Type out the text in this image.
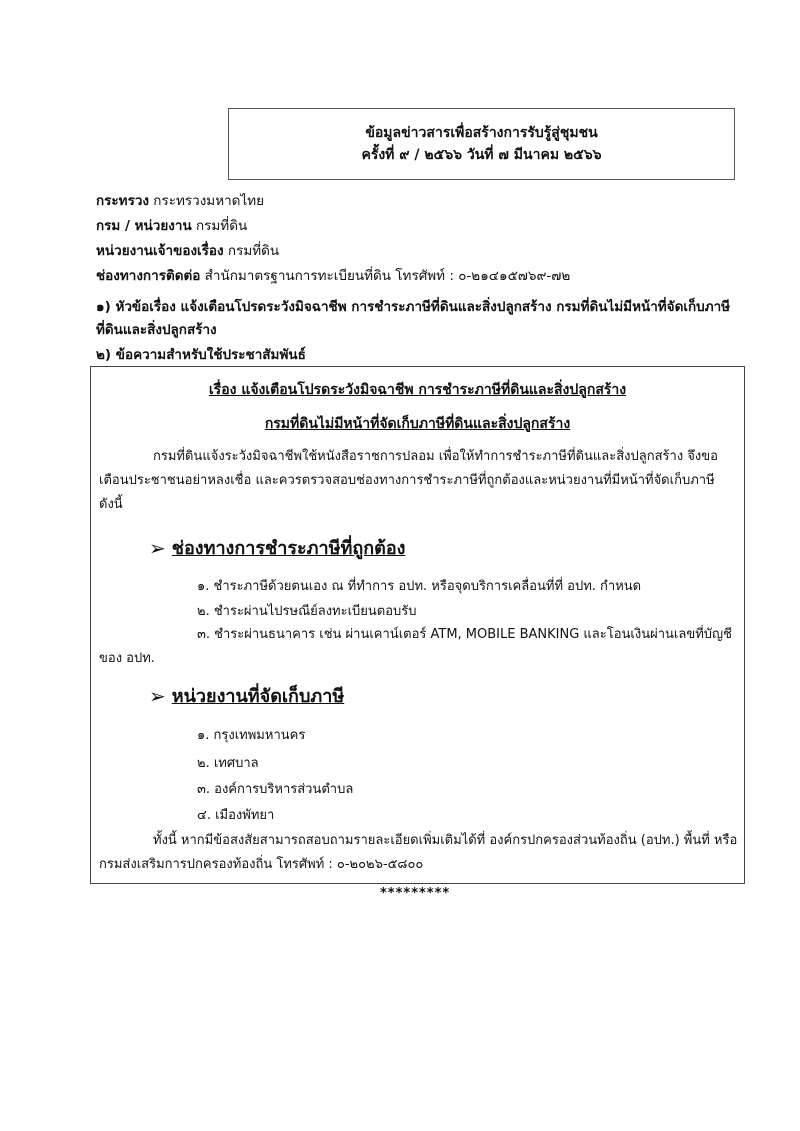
ข้อมูลข่าวสารเพื่อสร้างการรับรู้สู่ชุมชน
ครั้งที่ ๙ / ๒๕๖๖ วันที่ ๗ มีนาคม ๒๕๖๖
กระทรวง กระทรวงมหาดไทย
กรม / หน่วยงาน กรมที่ดิน
หน่วยงานเจ้าของเรื่อง กรมที่ดิน
ช่องทางการติดต่อ สำนักมาตรฐานการทะเบียนที่ดิน โทรศัพท์ : ๐-๒๑๔๑๕๗๖๙-๗๒
๑) หัวข้อเรื่อง แจ้งเตือนโปรดระวังมิจฉาชีพ การชำระภาษีที่ดินและสิ่งปลูกสร้าง กรมที่ดินไม่มีหน้าที่จัดเก็บภาษีที่ดินและสิ่งปลูกสร้าง
๒) ข้อความสำหรับใช้ประชาสัมพันธ์
เรื่อง แจ้งเตือนโปรดระวังมิจฉาชีพ การชำระภาษีที่ดินและสิ่งปลูกสร้าง
กรมที่ดินไม่มีหน้าที่จัดเก็บภาษีที่ดินและสิ่งปลูกสร้าง
กรมที่ดินแจ้งระวังมิจฉาชีพใช้หนังสือราชการปลอม เพื่อให้ทำการชำระภาษีที่ดินและสิ่งปลูกสร้าง จึงขอเตือนประชาชนอย่าหลงเชื่อ และควรตรวจสอบช่องทางการชำระภาษีที่ถูกต้องและหน่วยงานที่มีหน้าที่จัดเก็บภาษี ดังนี้
➢ ช่องทางการชำระภาษีที่ถูกต้อง
๑. ชำระภาษีด้วยตนเอง ณ ที่ทำการ อปท. หรือจุดบริการเคลื่อนที่ที่ อปท. กำหนด
๒. ชำระผ่านไปรษณีย์ลงทะเบียนตอบรับ
๓. ชำระผ่านธนาคาร เช่น ผ่านเคาน์เตอร์ ATM, MOBILE BANKING และโอนเงินผ่านเลขที่บัญชีของ อปท.
➢ หน่วยงานที่จัดเก็บภาษี
๑. กรุงเทพมหานคร
๒. เทศบาล
๓. องค์การบริหารส่วนตำบล
๔. เมืองพัทยา
ทั้งนี้ หากมีข้อสงสัยสามารถสอบถามรายละเอียดเพิ่มเติมได้ที่ องค์กรปกครองส่วนท้องถิ่น (อปท.) พื้นที่ หรือ กรมส่งเสริมการปกครองท้องถิ่น โทรศัพท์ : ๐-๒๐๒๖-๕๘๐๐
*********
